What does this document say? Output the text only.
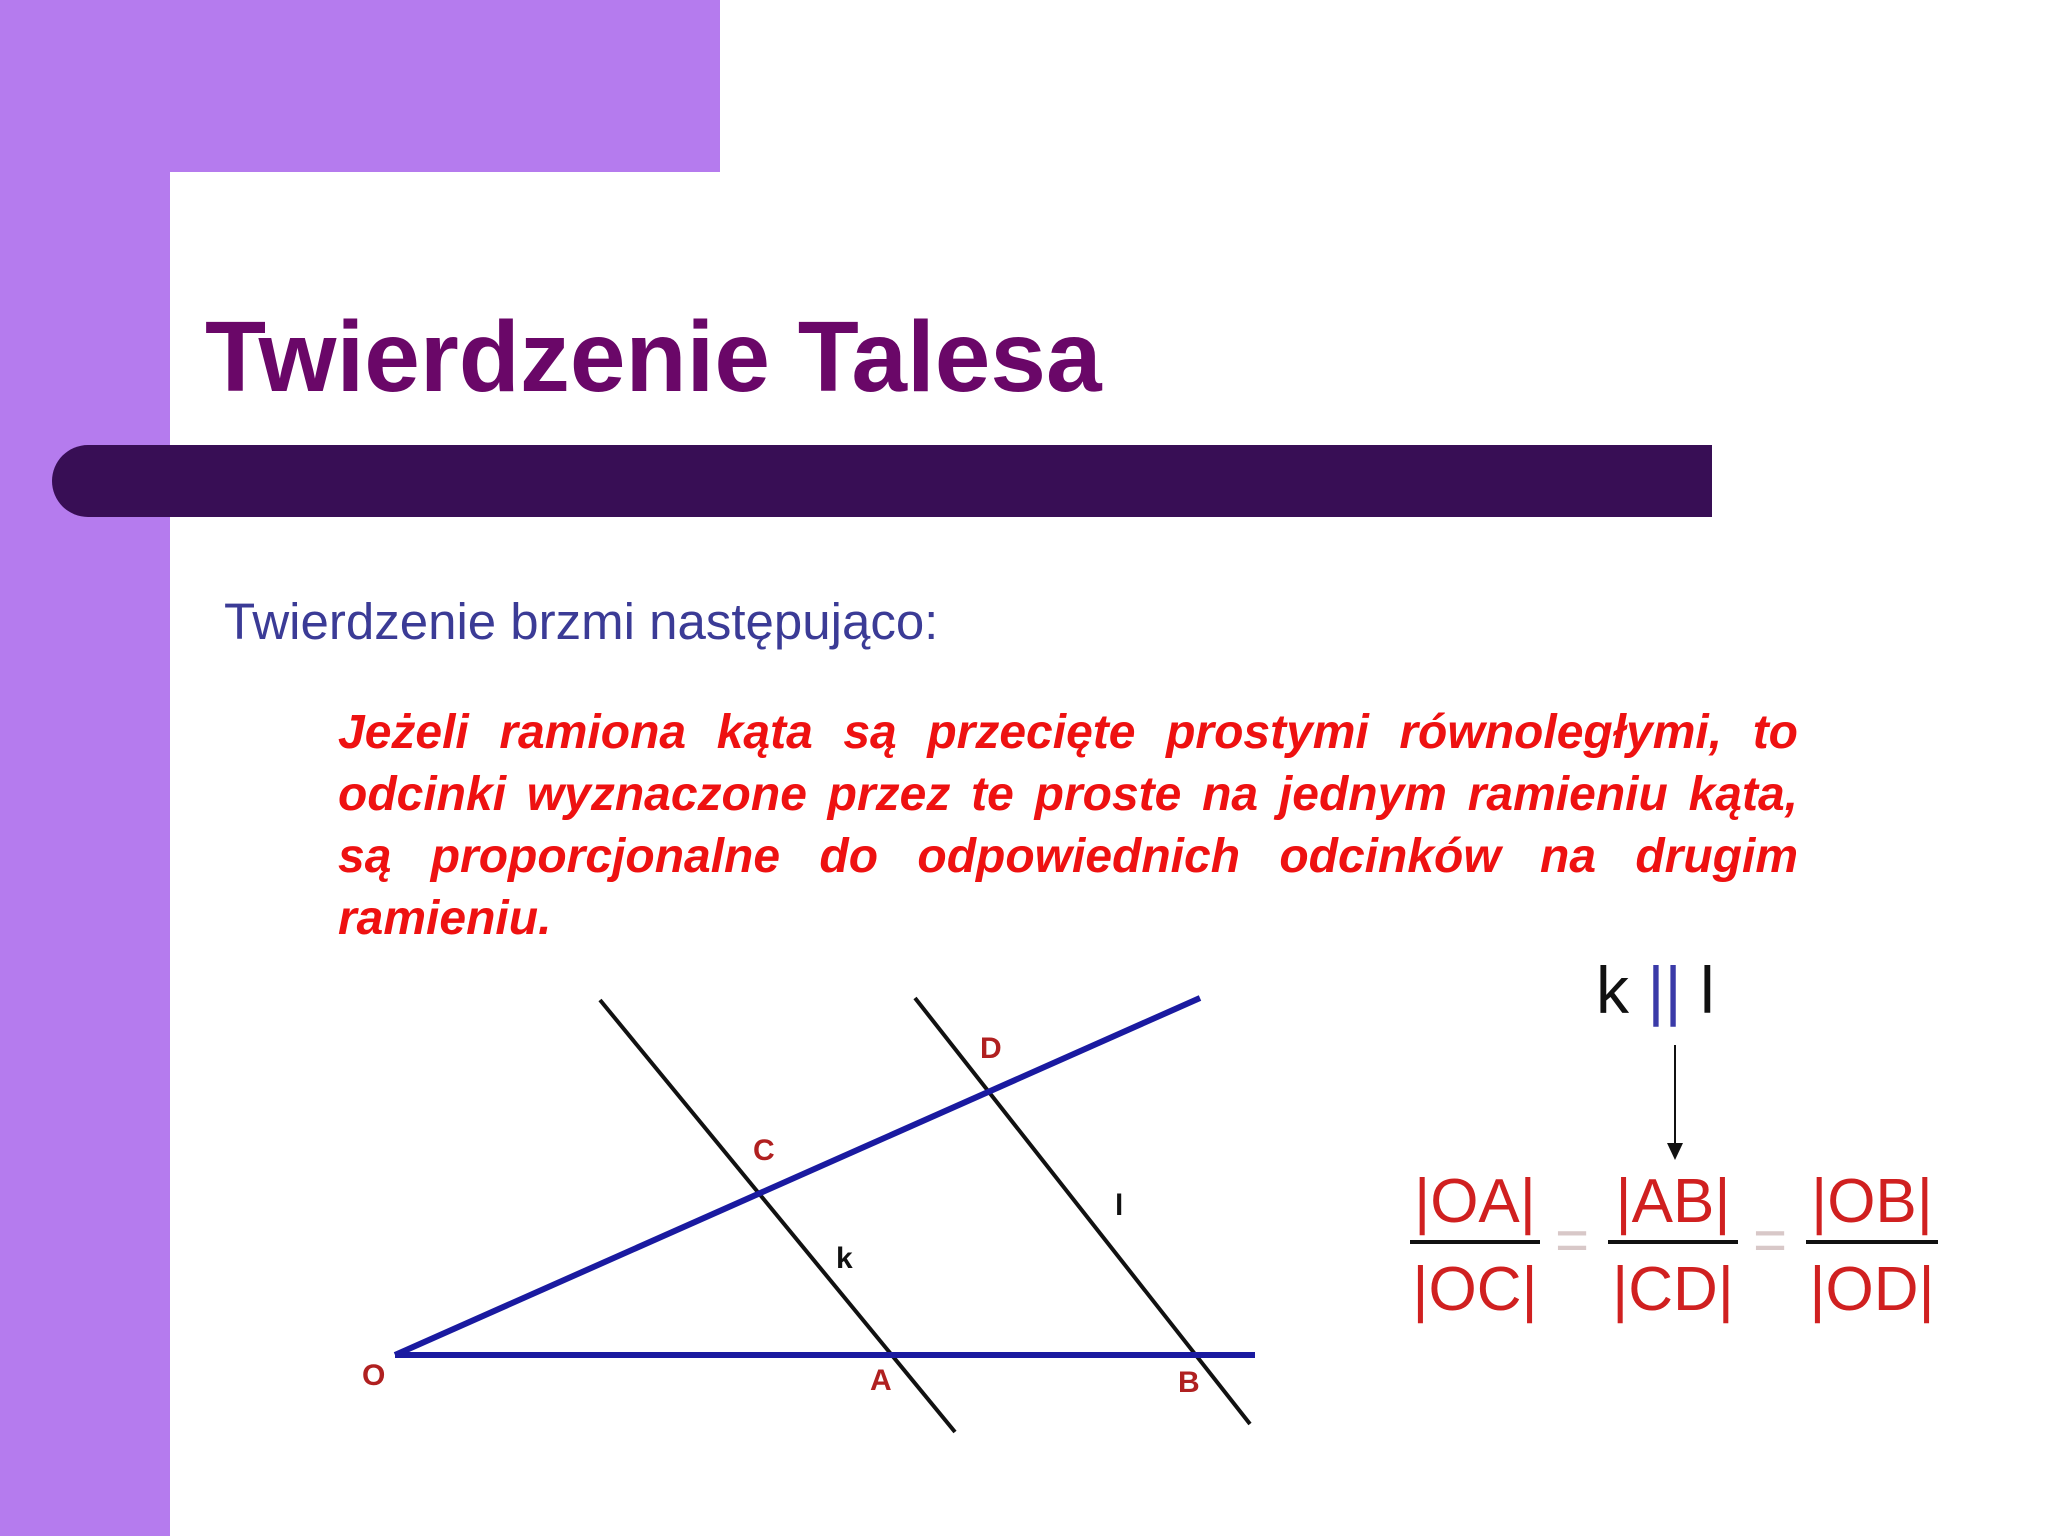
Twierdzenie Talesa

Twierdzenie brzmi następująco:

Jeżeli ramiona kąta są przecięte prostymi równoległymi, to odcinki wyznaczone przez te proste na jednym ramieniu kąta, są proporcjonalne do odpowiednich odcinków na drugim ramieniu.

O	A	B
C
D
k
l

k || l

|OA|
|OC|
=
|AB|
|CD|
=
|OB|
|OD|
